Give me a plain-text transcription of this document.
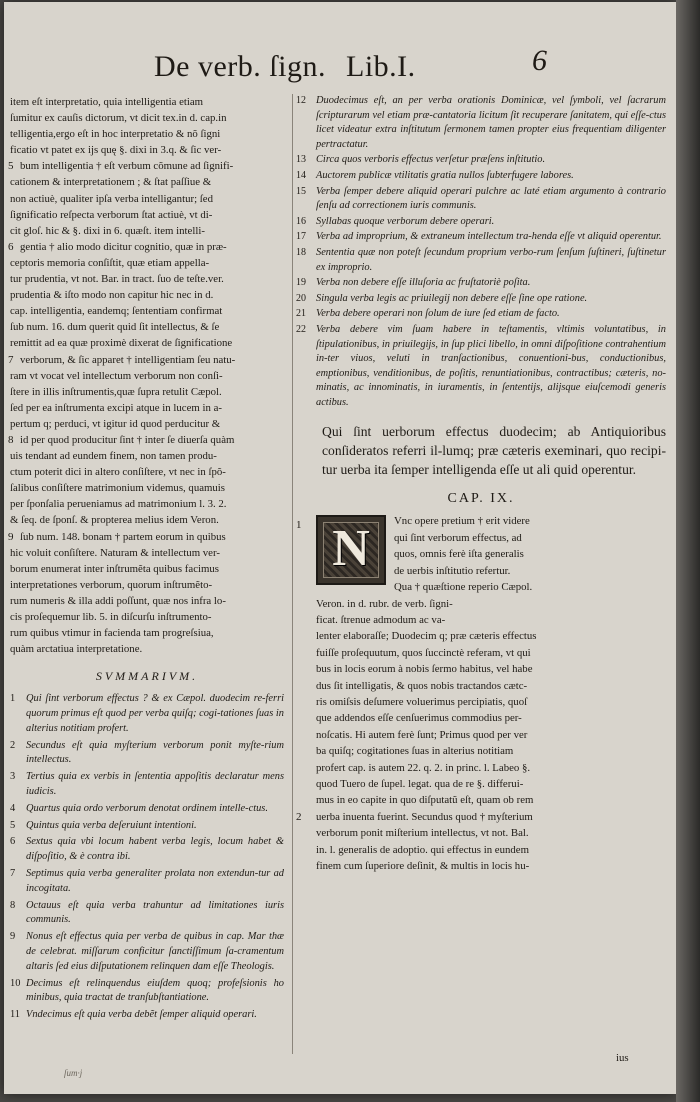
De verb. ſign. Lib.I.	6

item eſt interpretatio, quia intelligentia etiam

ſumitur ex cauſis dictorum, vt dicit tex.in d. cap.in

telligentia,ergo eſt in hoc interpretatio & nõ ſigni

ficatio vt patet ex ijs quę §. dixi in 3.q. & ſic ver-

5 bum intelligentia † eſt verbum cõmune ad ſignifi-

cationem & interpretationem ; & ſtat paſſiue &

non actiuè, qualiter ipſa verba intelligantur; ſed

ſignificatio reſpecta verborum ſtat actiuè, vt di-

cit gloſ. hic & §. dixi in 6. quæſt. item intelli-

6 gentia † alio modo dicitur cognitio, quæ in præ-

ceptoris memoria conſiſtit, quæ etiam appella-

tur prudentia, vt not. Bar. in tract. ſuo de teſte.ver.

prudentia & iſto modo non capitur hic nec in d.

cap. intelligentia, eandemq; ſententiam confirmat

ſub num. 16. dum querit quid ſit intellectus, & ſe

remittit ad ea quæ proximè dixerat de ſignificatione

7 verborum, & ſic apparet † intelligentiam ſeu natu-

ram vt vocat vel intellectum verborum non conſi-

ſtere in illis inſtrumentis,quæ ſupra retulit Cæpol.

ſed per ea inſtrumenta excipi atque in lucem in a-

pertum q; perduci, vt igitur id quod perducitur &

8 id per quod producitur ſint † inter ſe diuerſa quàm

uis tendant ad eundem finem, non tamen produ-

ctum poterit dici in altero conſiſtere, vt nec in ſpõ-

ſalibus conſiſtere matrimonium videmus, quamuis

per ſponſalia perueniamus ad matrimonium l. 3. 2.

& ſeq. de ſponſ. & propterea melius idem Veron.

9 ſub num. 148. bonam † partem eorum in quibus

hic voluit conſiſtere. Naturam & intellectum ver-

borum enumerat inter inſtrumẽta quibus facimus

interpretationes verborum, quorum inſtrumẽto-

rum numeris & illa addi poſſunt, quæ nos infra lo-

cis proſequemur lib. 5. in diſcurſu inſtrumento-

rum quibus vtimur in facienda tam progreſsiua,

quàm arctatiua interpretatione.

SVMMARIVM.
1	Qui ſint verborum effectus ? & ex Cæpol. duodecim re-ferri quorum primus eſt quod per verba quiſq; cogi-tationes ſuas in alterius notitiam profert.
2	Secundus eſt quia myſterium verborum ponit myſte-rium intellectus.
3	Tertius quia ex verbis in ſententia appoſitis declaratur mens iudicis.
4	Quartus quia ordo verborum denotat ordinem intelle-ctus.
5	Quintus quia verba deſeruiunt intentioni.
6	Sextus quia vbi locum habent verba legis, locum habet & diſpoſitio, & è contra ibi.
7	Septimus quia verba generaliter prolata non extendun-tur ad incogitata.
8	Octauus eſt quia verba trahuntur ad limitationes iuris communis.
9	Nonus eſt effectus quia per verba de quibus in cap. Mar thæ de celebrat. miſſarum conficitur ſanctiſſimum ſa-cramentum altaris ſed eius diſputationem relinquen dam eſſe Theologis.
10 Decimus eſt relinquendus eiuſdem quoq; profeſsionis ho minibus, quia tractat de tranſubſtantiatione.
11 Vndecimus eſt quia verba debẽt ſemper aliquid operari.
12 Duodecimus eſt, an per verba orationis Dominicæ, vel ſymboli, vel ſacrarum ſcripturarum vel etiam præ-cantatoria licitum ſit recuperare ſanitatem, qui eſſe-ctus licet videatur extra inſtitutum ſermonem tamen propter eius frequentiam diligenter pertractatur.
13 Circa quos verboris effectus verſetur præſens inſtitutio.
14 Auctorem publicæ vtilitatis gratia nullos ſubterfugere labores.
15 Verba ſemper debere aliquid operari pulchre ac laté etiam argumento à contrario ſenſu ad correctionem iuris communis.
16 Syllabas quoque verborum debere operari.
17 Verba ad improprium, & extraneum intellectum tra-henda eſſe vt aliquid operentur.
18 Sententia quæ non poteſt ſecundum proprium verbo-rum ſenſum ſuſtineri, ſuſtinetur ex improprio.
19 Verba non debere eſſe illuſoria ac fruſtatoriè poſita.
20 Singula verba legis ac priuilegij non debere eſſe ſine ope ratione.
21 Verba debere operari non ſolum de iure ſed etiam de facto.
22 Verba debere vim ſuam habere in teſtamentis, vltimis voluntatibus, in ſtipulationibus, in priuilegijs, in ſup plici libello, in omni diſpoſitione contrahentium in-ter viuos, veluti in tranſactionibus, conuentioni-bus, conductionibus, emptionibus, venditionibus, de poſitis, renuntiationibus, contractibus; cæteris, no-minatis, ac innominatis, in iuramentis, in ſententijs, alijsque eiuſcemodi generis actibus.
Qui ſint uerborum effectus duodecim; ab Antiquioribus conſideratos referri il-lumq; præ cæteris exeminari, quo recipi-tur uerba ita ſemper intelligenda eſſe ut ali quid operentur.
CAP. IX.
N
1	Vnc opere pretium † erit videre
qui ſint verborum effectus, ad
quos, omnis ferè iſta generalis
de uerbis inſtitutio refertur.
Qua † quæſtione reperio Cæpol.
Veron. in d. rubr. de verb. ſigni-
ficat. ſtrenue admodum ac va-
lenter elaboraſſe; Duodecim q; præ cæteris effectus
fuiſſe proſequutum, quos ſuccinctè referam, vt qui
bus in locis eorum à nobis ſermo habitus, vel habe
dus ſit intelligatis, & quos nobis tractandos cætc-
ris omiſsis deſumere voluerimus percipiatis, quoſ
que addendos eſſe cenſuerimus commodius per-
noſcatis. Hi autem ferè ſunt; Primus quod per ver
ba quiſq; cogitationes ſuas in alterius notitiam
profert cap. is autem 22. q. 2. in princ. l. Labeo §.
quod Tuero de ſupel. legat. qua de re §. differui-
mus in eo capite in quo diſputatũ eſt, quam ob rem
2 uerba inuenta fuerint. Secundus quod † myſterium
verborum ponit miſterium intellectus, vt not. Bal.
in. l. generalis de adoptio. qui effectus in eundem
finem cum ſuperiore deſinit, & multis in locis hu-
ſum·j
ius
